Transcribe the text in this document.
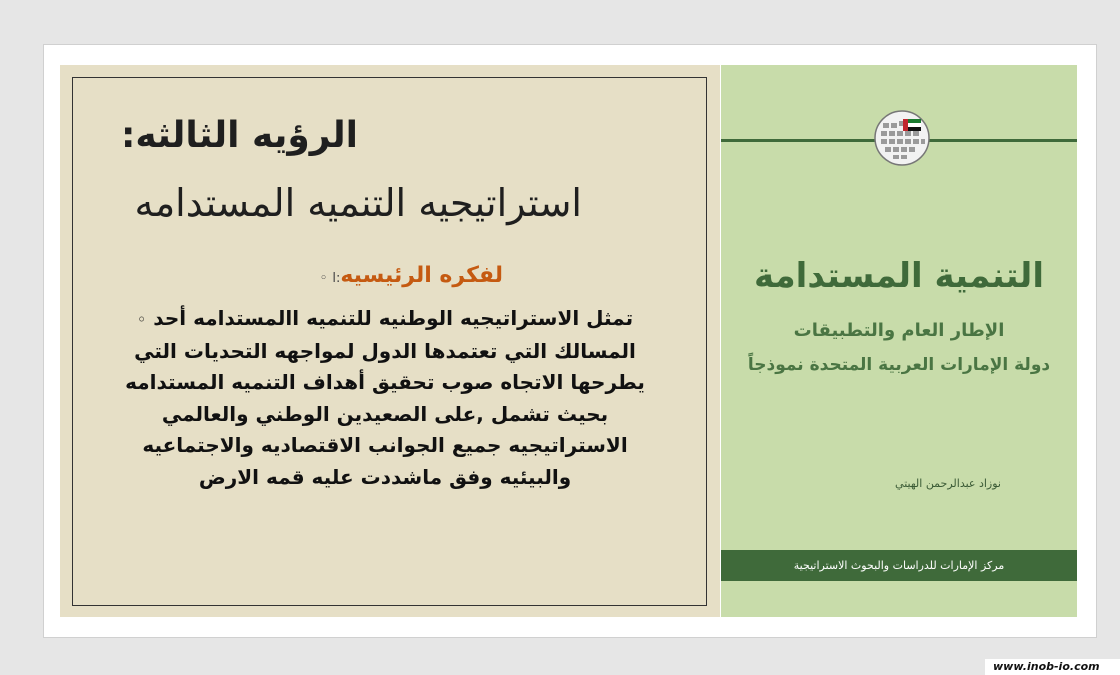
الرؤيه الثالثه:
استراتيجيه التنميه المستدامه
لفكره الرئيسيه:ا ◦
تمثل الاستراتيجيه الوطنيه للتنميه االمستدامه أحد ◦
المسالك التي تعتمدها الدول لمواجهه التحديات التي
يطرحها الاتجاه صوب تحقيق أهداف التنميه المستدامه
بحيث تشمل ,على الصعيدين الوطني والعالمي
الاستراتيجيه جميع الجوانب الاقتصاديه والاجتماعيه
والبيئيه وفق ماشددت عليه قمه الارض
التنمية المستدامة
الإطار العام والتطبيقات
دولة الإمارات العربية المتحدة نموذجاً
نوزاد عبدالرحمن الهيتي
مركز الإمارات للدراسات والبحوث الاستراتيجية
www.inob-io.com
